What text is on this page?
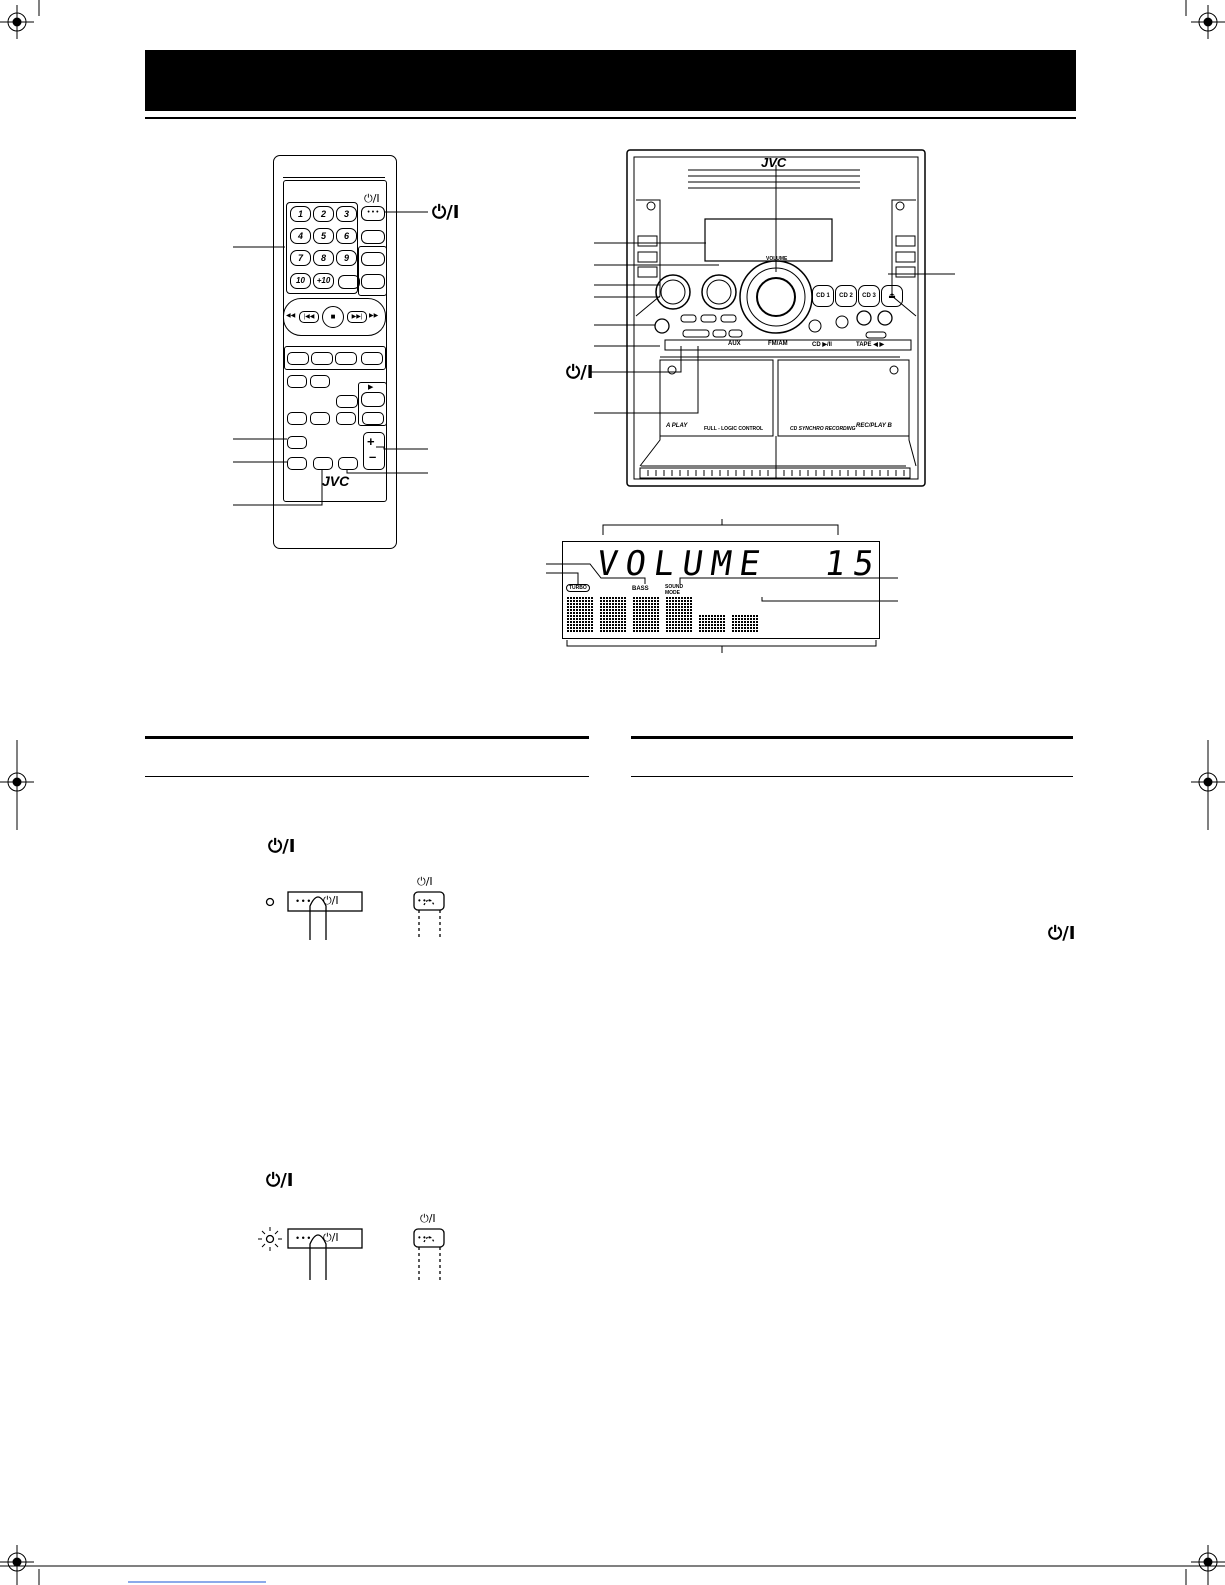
1	2	3
4	5	6
7	8	9
10	+10
• • •
⏻/I
■
|◀◀	▶▶|
◀◀	▶▶
▶
+
–
JVC
⏻/I
JVC
VOLUME
CD 1	CD 2	CD 3	⏏
AUX	FM/AM	CD ▶/II	TAPE ◀ ▶
A PLAY	FULL - LOGIC CONTROL	CD SYNCHRO RECORDING REC/PLAY B
⏻/I
VOLUME  15
TURBO	BASS	SOUND MODE
⏻/I
⏻/I
⏻/I
• • • ⏻/I
⏻/I
• • •
• • • ⏻/I
⏻/I
• • •
